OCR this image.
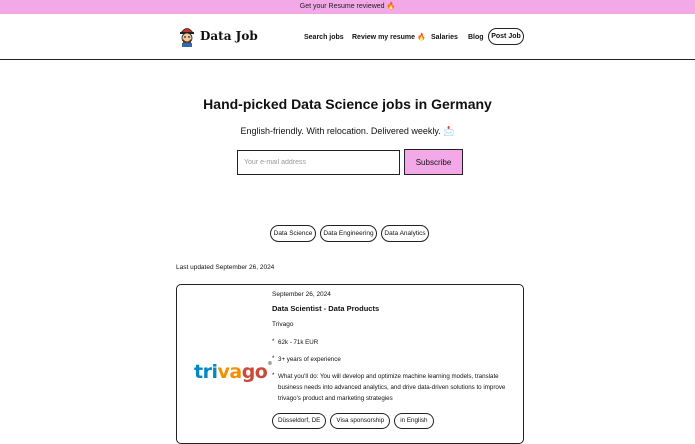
Get your Resume reviewed 🔥
Data Job	Search jobs Review my resume 🔥 Salaries Blog	Post Job
Hand-picked Data Science jobs in Germany
English-friendly. With relocation. Delivered weekly. 📩
Your e-mail address
Subscribe
Data Science	Data Engineering	Data Analytics
Last updated September 26, 2024
trivago®
September 26, 2024
Data Scientist - Data Products
Trivago
* 62k - 71k EUR
* 3+ years of experience
* What you'll do: You will develop and optimize machine learning models, translate business needs into advanced analytics, and drive data-driven solutions to improve trivago's product and marketing strategies
Düsseldorf, DE	Visa sponsorship	in English
